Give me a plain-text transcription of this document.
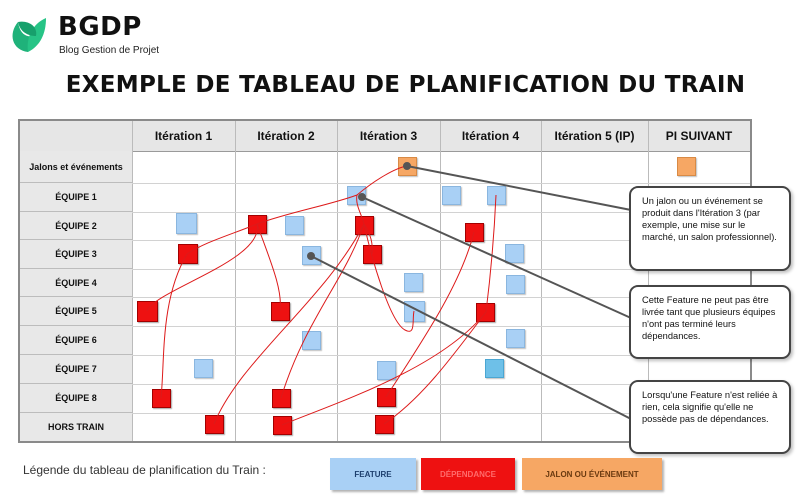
BGDP
Blog Gestion de Projet
EXEMPLE DE TABLEAU DE PLANIFICATION DU TRAIN
Itération 1	Itération 2	Itération 3	Itération 4	Itération 5 (IP)	PI SUIVANT
Jalons et événements
ÉQUIPE 1
ÉQUIPE 2
ÉQUIPE 3
ÉQUIPE 4
ÉQUIPE 5
ÉQUIPE 6
ÉQUIPE 7
ÉQUIPE 8
HORS TRAIN
Un jalon ou un événement se produit dans l'Itération 3 (par exemple, une mise sur le marché, un salon professionnel).
Cette Feature ne peut pas être livrée tant que plusieurs équipes n'ont pas terminé leurs dépendances.
Lorsqu'une Feature n'est reliée à rien, cela signifie qu'elle ne possède pas de dépendances.
Légende du tableau de planification du Train :	FEATURE	DÉPENDANCE	JALON OU ÉVÉNEMENT
